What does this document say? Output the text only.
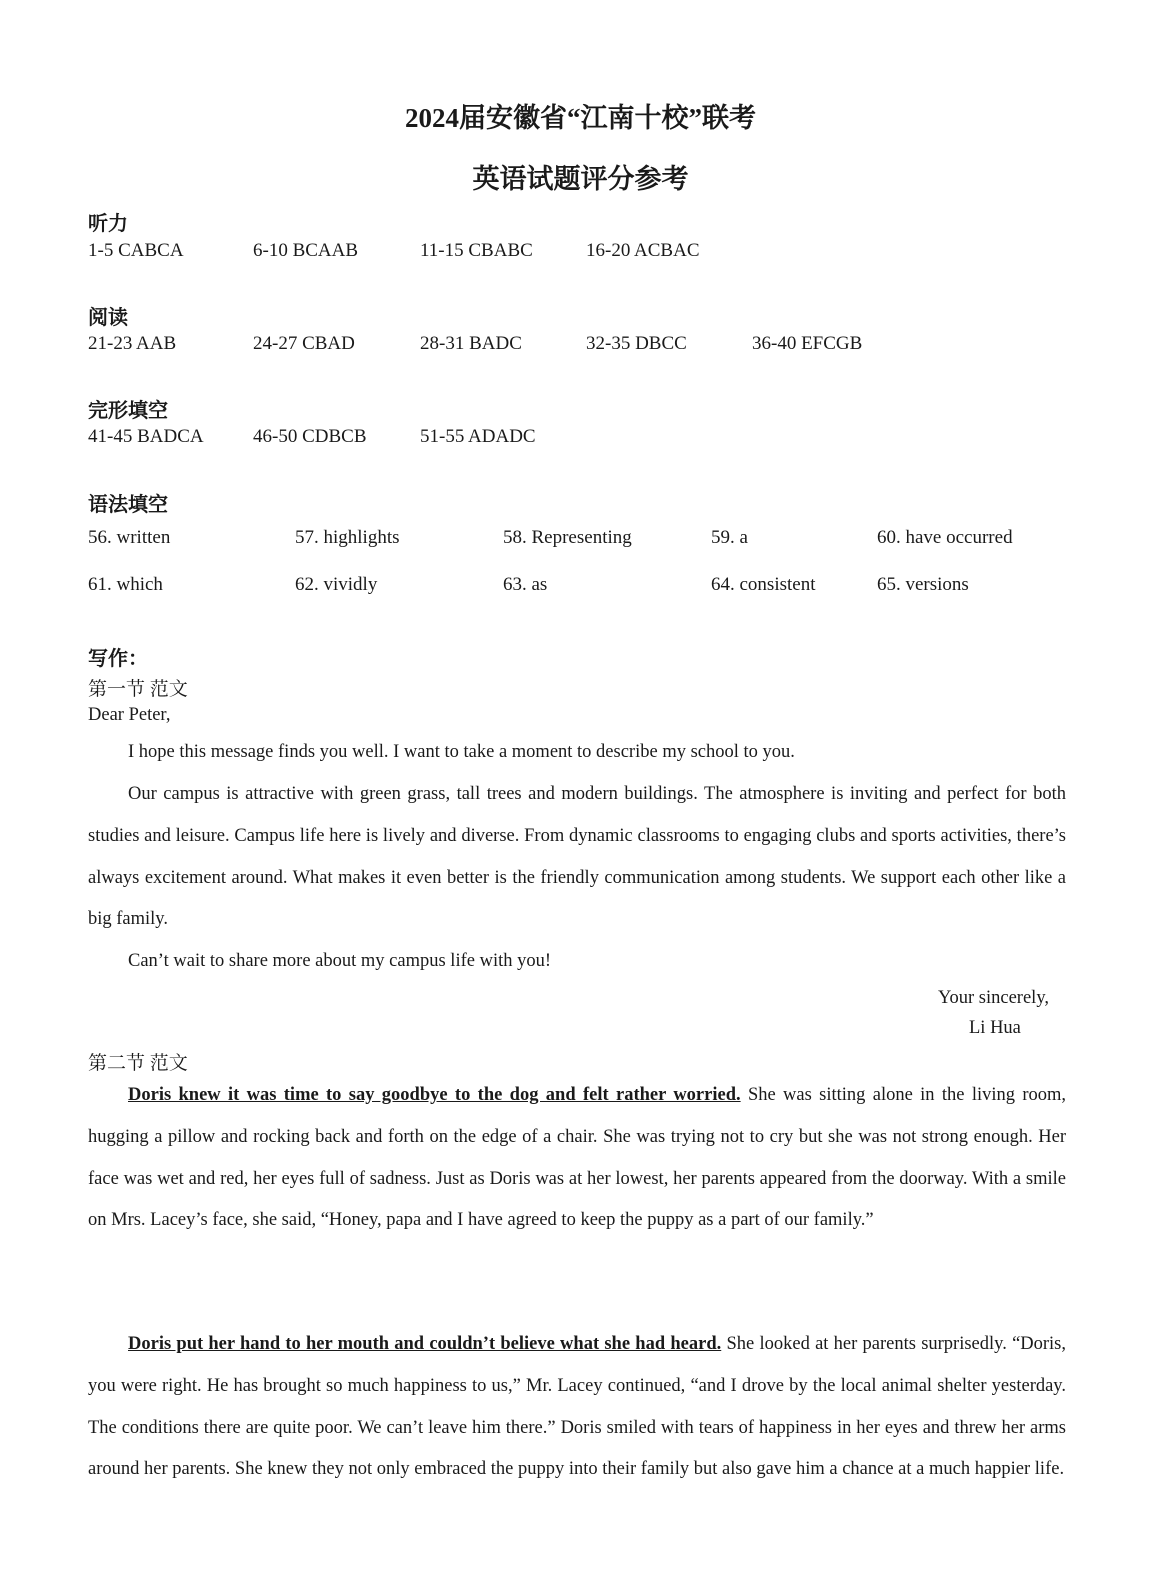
2024届安徽省“江南十校”联考
英语试题评分参考
听力
1-5 CABCA	6-10 BCAAB	11-15 CBABC	16-20 ACBAC
阅读
21-23 AAB	24-27 CBAD	28-31 BADC	32-35 DBCC	36-40 EFCGB
完形填空
41-45 BADCA	46-50 CDBCB	51-55 ADADC
语法填空
56. written	57. highlights	58. Representing	59. a	60. have occurred
61. which	62. vividly	63. as	64. consistent	65. versions
写作：
第一节 范文
Dear Peter,
I hope this message finds you well. I want to take a moment to describe my school to you.
Our campus is attractive with green grass, tall trees and modern buildings. The atmosphere is inviting and perfect for both studies and leisure. Campus life here is lively and diverse. From dynamic classrooms to engaging clubs and sports activities, there’s always excitement around. What makes it even better is the friendly communication among students. We support each other like a big family.
Can’t wait to share more about my campus life with you!
Your sincerely,
Li Hua
第二节 范文
Doris knew it was time to say goodbye to the dog and felt rather worried. She was sitting alone in the living room, hugging a pillow and rocking back and forth on the edge of a chair. She was trying not to cry but she was not strong enough. Her face was wet and red, her eyes full of sadness. Just as Doris was at her lowest, her parents appeared from the doorway. With a smile on Mrs. Lacey’s face, she said, “Honey, papa and I have agreed to keep the puppy as a part of our family.”
Doris put her hand to her mouth and couldn’t believe what she had heard. She looked at her parents surprisedly. “Doris, you were right. He has brought so much happiness to us,” Mr. Lacey continued, “and I drove by the local animal shelter yesterday. The conditions there are quite poor. We can’t leave him there.” Doris smiled with tears of happiness in her eyes and threw her arms around her parents. She knew they not only embraced the puppy into their family but also gave him a chance at a much happier life.
